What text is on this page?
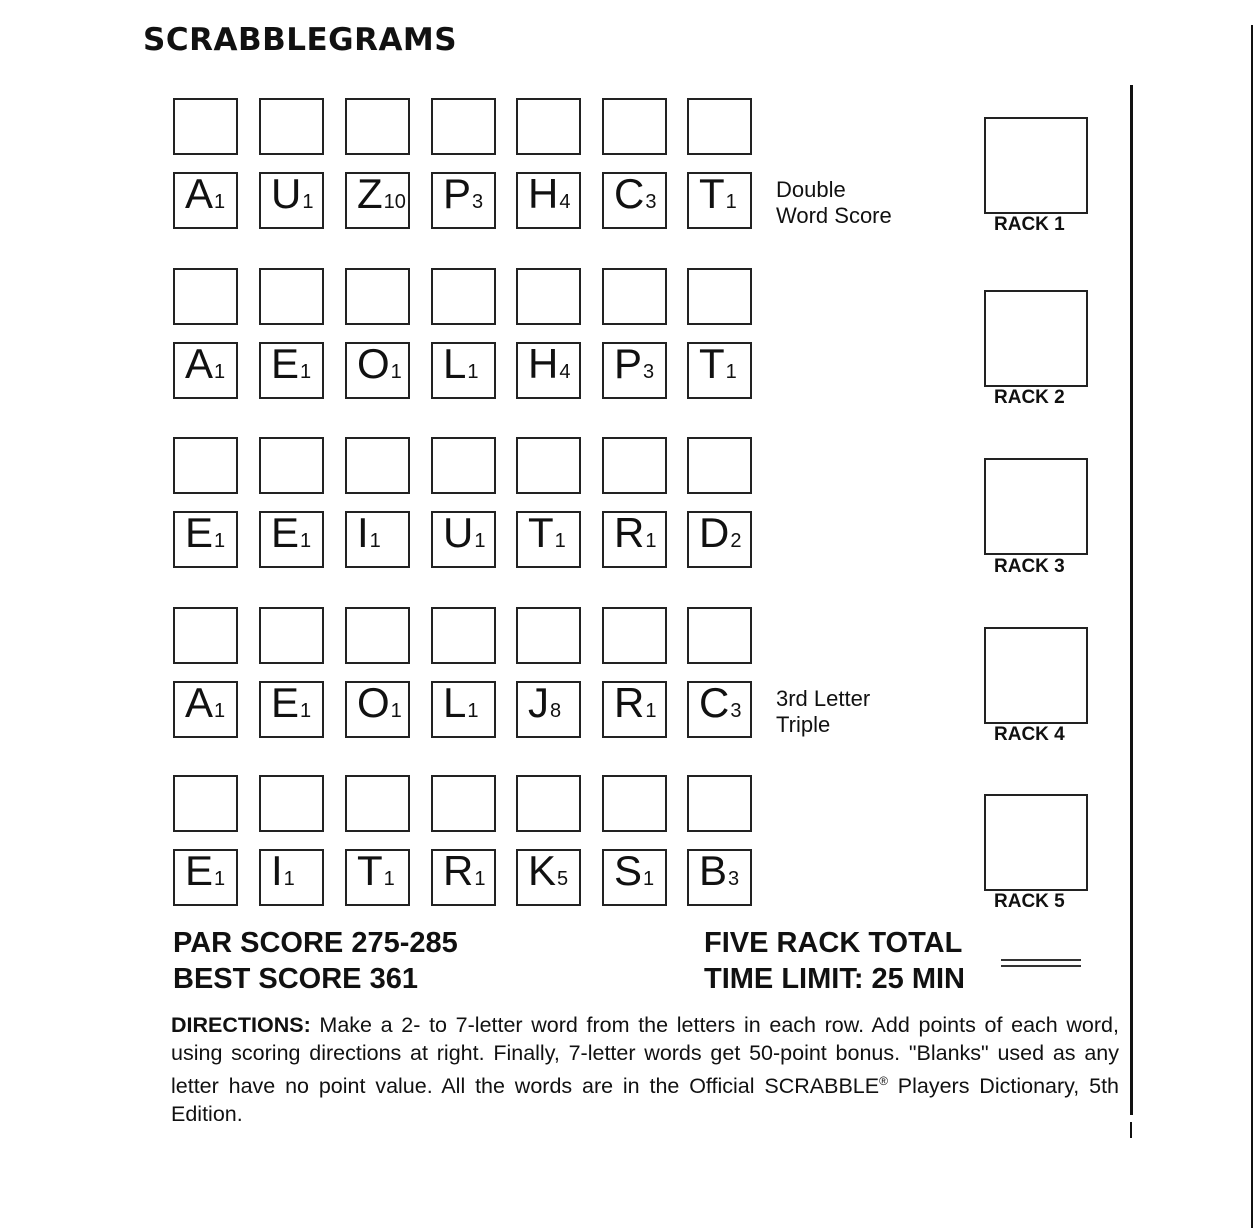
SCRABBLEGRAMS
A1 U1 Z10 P3 H4 C3 T1 Double
Word Score	RACK 1
A1 E1 O1 L1 H4 P3 T1
RACK 2
E1 E1 I1 U1 T1 R1 D2
RACK 3
A1 E1 O1 L1 J8 R1 C3 3rd Letter
Triple	RACK 4
E1 I1 T1 R1 K5 S1 B3
RACK 5
PAR SCORE 275-285
BEST SCORE 361
FIVE RACK TOTAL
TIME LIMIT: 25 MIN
DIRECTIONS: Make a 2- to 7-letter word from the letters in each row. Add points of each word, using scoring directions at right. Finally, 7-letter words get 50-point bonus. "Blanks" used as any letter have no point value. All the words are in the Official SCRABBLE® Players Dictionary, 5th Edition.
